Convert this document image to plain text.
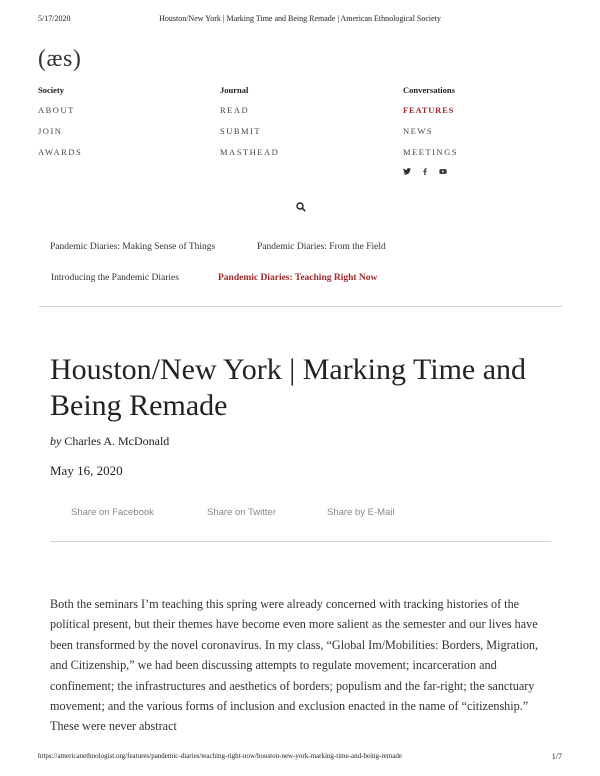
5/17/2020	Houston/New York | Marking Time and Being Remade | American Ethnological Society
(æs)
Society
ABOUT
JOIN
AWARDS
Journal
READ
SUBMIT
MASTHEAD
Conversations
FEATURES
NEWS
MEETINGS
Pandemic Diaries: Making Sense of Things	Pandemic Diaries: From the Field
Introducing the Pandemic Diaries	Pandemic Diaries: Teaching Right Now
Houston/New York | Marking Time and Being Remade
by Charles A. McDonald
May 16, 2020
Share on Facebook	Share on Twitter	Share by E-Mail

Both the seminars I’m teaching this spring were already concerned with tracking histories of the political present, but their themes have become even more salient as the semester and our lives have been transformed by the novel coronavirus. In my class, “Global Im/Mobilities: Borders, Migration, and Citizenship,” we had been discussing attempts to regulate movement; incarceration and confinement; the infrastructures and aesthetics of borders; populism and the far-right; the sanctuary movement; and the various forms of inclusion and exclusion enacted in the name of “citizenship.” These were never abstract

https://americanethnologist.org/features/pandemic-diaries/teaching-right-now/houston-new-york-marking-time-and-being-remade	1/7
